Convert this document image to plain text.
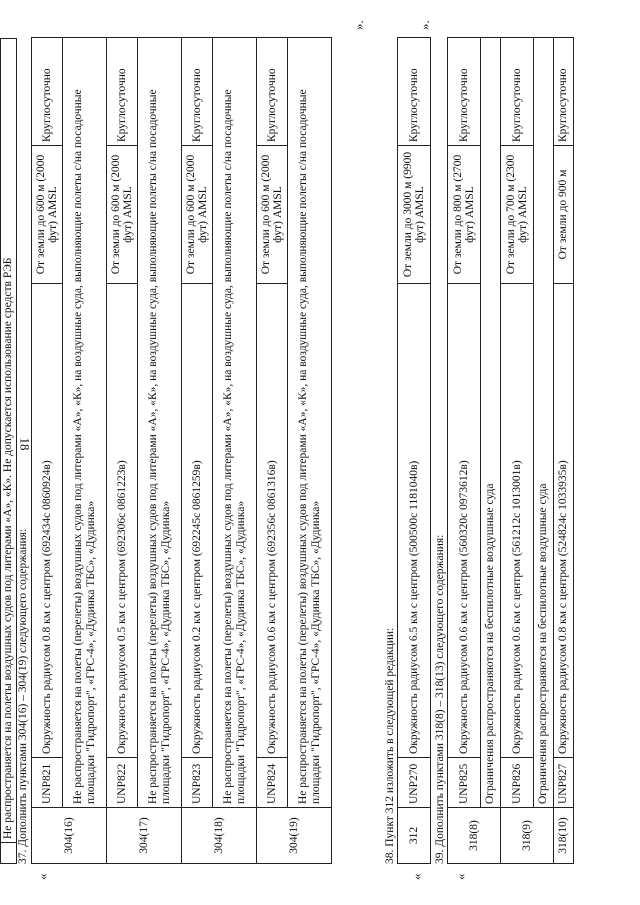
18
	Не распространяется на полеты воздушных судов под литерами «А», «К». Не допускается использование средств РЭБ 37. Дополнить пунктами 304(16) – 304(19) следующего содержания:
«
304(16)	UNP821	Окружность радиусом 0.8 км с центром (692434с 0860924в)	От земли до 600 м (2000 фут) AMSL	Круглосуточно
	Не распространяется на полеты (перелеты) воздушных судов под литерами «А», «К», на воздушные суда, выполняющие полеты с/на посадочные площадки "Гидропорт", «ГРС-4», «Дудинка ТБС», «Дудинка»			
304(17)	UNP822	Окружность радиусом 0.5 км с центром (692306с 0861223в)	От земли до 600 м (2000 фут) AMSL	Круглосуточно
	Не распространяется на полеты (перелеты) воздушных судов под литерами «А», «К», на воздушные суда, выполняющие полеты с/на посадочные площадки "Гидропорт", «ГРС-4», «Дудинка ТБС», «Дудинка»			
304(18)	UNP823	Окружность радиусом 0.2 км с центром (692245с 0861259в)	От земли до 600 м (2000 фут) AMSL	Круглосуточно
	Не распространяется на полеты (перелеты) воздушных судов под литерами «А», «К», на воздушные суда, выполняющие полеты с/на посадочные площадки "Гидропорт", «ГРС-4», «Дудинка ТБС», «Дудинка»			
304(19)	UNP824	Окружность радиусом 0.6 км с центром (692356с 0861316в)	От земли до 600 м (2000 фут) AMSL	Круглосуточно
	Не распространяется на полеты (перелеты) воздушных судов под литерами «А», «К», на воздушные суда, выполняющие полеты с/на посадочные площадки "Гидропорт", «ГРС-4», «Дудинка ТБС», «Дудинка»			
».
38. Пункт 312 изложить в следующей редакции:
«
312	UNP270	Окружность радиусом 6.5 км с центром (500500с 1181040в)	От земли до 3000 м (9900 фут) AMSL	Круглосуточно
».
39. Дополнить пунктами 318(8) – 318(13) следующего содержания:
«
318(8)	UNP825	Окружность радиусом 0.6 км с центром (560320с 0973612в)	От земли до 800 м (2700 фут) AMSL	Круглосуточно
	Ограничения распространяются на беспилотные воздушные суда			
318(9)	UNP826	Окружность радиусом 0.6 км с центром (561212с 1013001в)	От земли до 700 м (2300 фут) AMSL	Круглосуточно
	Ограничения распространяются на беспилотные воздушные суда			
318(10)	UNP827	Окружность радиусом 0.8 км с центром (524824с 1033935в)	От земли до 900 м	Круглосуточно
